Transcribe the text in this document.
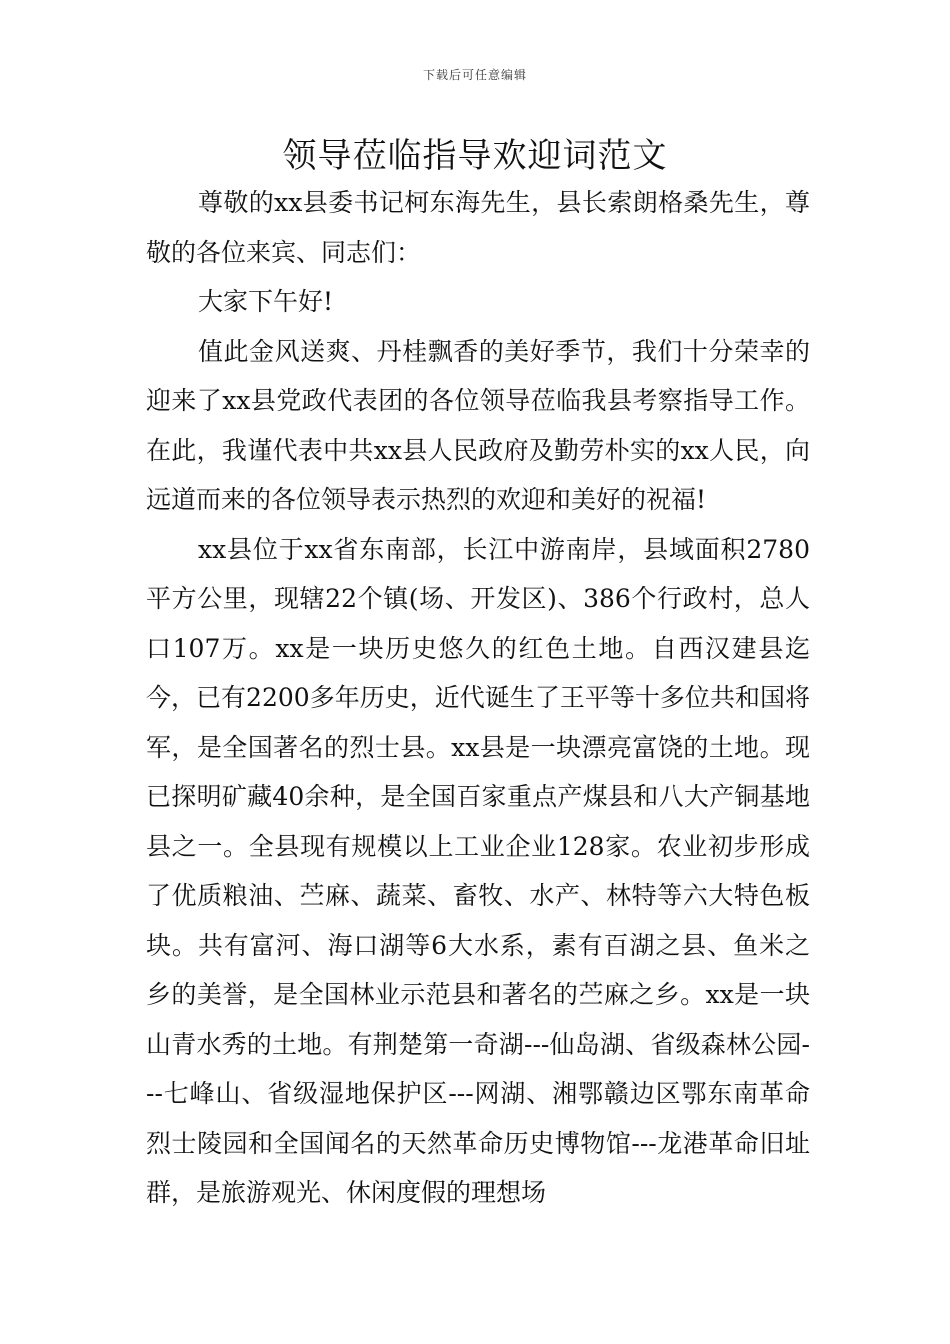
下载后可任意编辑
领导莅临指导欢迎词范文

尊敬的xx县委书记柯东海先生，县长索朗格桑先生，尊敬的各位来宾、同志们：

大家下午好!

值此金风送爽、丹桂飘香的美好季节，我们十分荣幸的迎来了xx县党政代表团的各位领导莅临我县考察指导工作。在此，我谨代表中共xx县人民政府及勤劳朴实的xx人民，向远道而来的各位领导表示热烈的欢迎和美好的祝福!

xx县位于xx省东南部，长江中游南岸，县域面积2780平方公里，现辖22个镇(场、开发区)、386个行政村，总人口107万。xx是一块历史悠久的红色土地。自西汉建县迄今，已有2200多年历史，近代诞生了王平等十多位共和国将军，是全国著名的烈士县。xx县是一块漂亮富饶的土地。现已探明矿藏40余种，是全国百家重点产煤县和八大产铜基地县之一。全县现有规模以上工业企业128家。农业初步形成了优质粮油、苎麻、蔬菜、畜牧、水产、林特等六大特色板块。共有富河、海口湖等6大水系，素有百湖之县、鱼米之乡的美誉，是全国林业示范县和著名的苎麻之乡。xx是一块山青水秀的土地。有荆楚第一奇湖---仙岛湖、省级森林公园---七峰山、省级湿地保护区---网湖、湘鄂赣边区鄂东南革命烈士陵园和全国闻名的天然革命历史博物馆---龙港革命旧址群，是旅游观光、休闲度假的理想场
